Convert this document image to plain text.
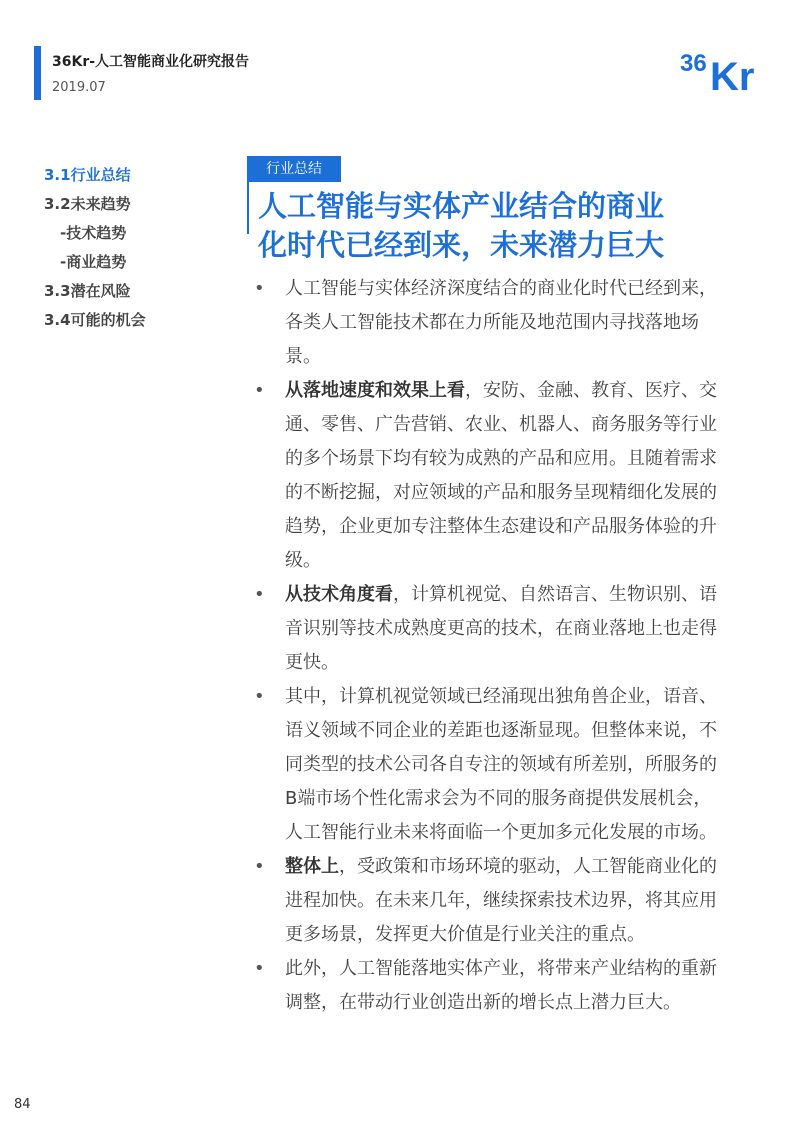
36Kr-人工智能商业化研究报告
2019.07
36 Kr
3.1行业总结
3.2未来趋势
-技术趋势
-商业趋势
3.3潜在风险
3.4可能的机会
行业总结
人工智能与实体产业结合的商业
化时代已经到来，未来潜力巨大
• 人工智能与实体经济深度结合的商业化时代已经到来，各类人工智能技术都在力所能及地范围内寻找落地场景。
• 从落地速度和效果上看，安防、金融、教育、医疗、交通、零售、广告营销、农业、机器人、商务服务等行业的多个场景下均有较为成熟的产品和应用。且随着需求的不断挖掘，对应领域的产品和服务呈现精细化发展的趋势，企业更加专注整体生态建设和产品服务体验的升级。
• 从技术角度看，计算机视觉、自然语言、生物识别、语音识别等技术成熟度更高的技术，在商业落地上也走得更快。
• 其中，计算机视觉领域已经涌现出独角兽企业，语音、语义领域不同企业的差距也逐渐显现。但整体来说，不同类型的技术公司各自专注的领域有所差别，所服务的B端市场个性化需求会为不同的服务商提供发展机会，人工智能行业未来将面临一个更加多元化发展的市场。
• 整体上，受政策和市场环境的驱动，人工智能商业化的进程加快。在未来几年，继续探索技术边界，将其应用更多场景，发挥更大价值是行业关注的重点。
• 此外，人工智能落地实体产业，将带来产业结构的重新调整，在带动行业创造出新的增长点上潜力巨大。
84
